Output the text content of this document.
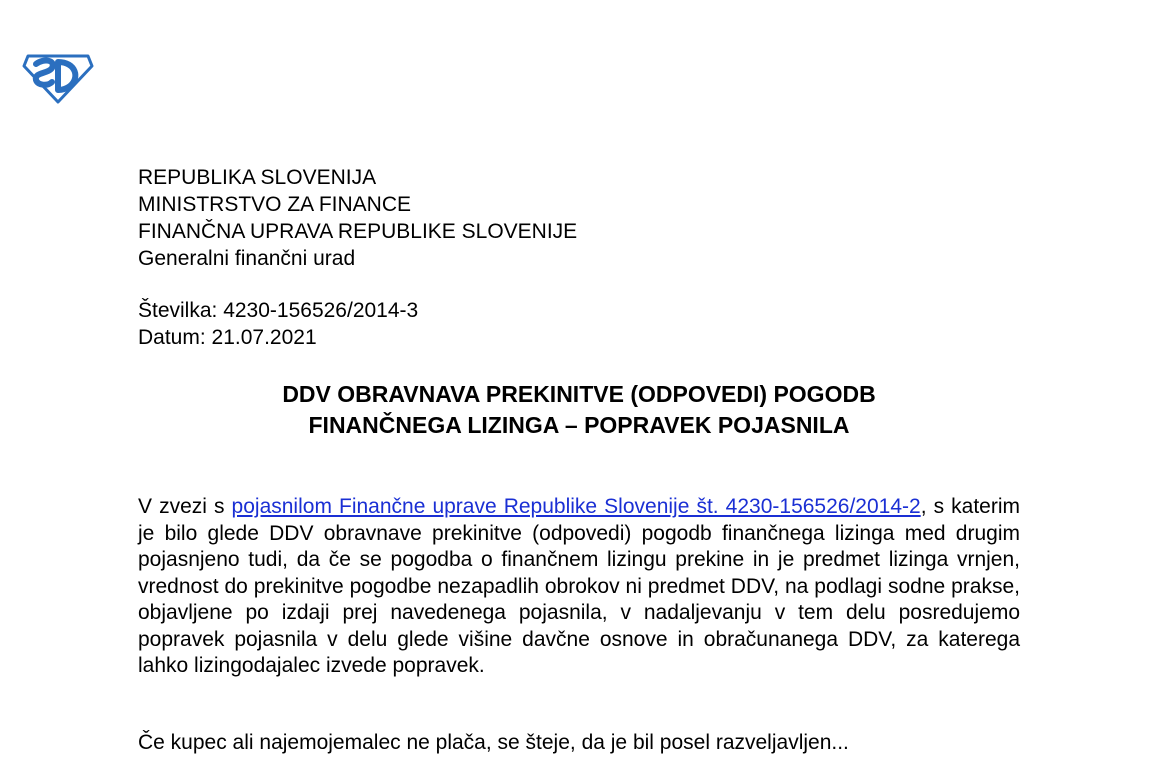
REPUBLIKA SLOVENIJA
MINISTRSTVO ZA FINANCE
FINANČNA UPRAVA REPUBLIKE SLOVENIJE
Generalni finančni urad
Številka: 4230-156526/2014-3
Datum: 21.07.2021
DDV OBRAVNAVA PREKINITVE (ODPOVEDI) POGODB
FINANČNEGA LIZINGA – POPRAVEK POJASNILA

V zvezi s pojasnilom Finančne uprave Republike Slovenije št. 4230-156526/2014-2, s katerim je bilo glede DDV obravnave prekinitve (odpovedi) pogodb finančnega lizinga med drugim pojasnjeno tudi, da če se pogodba o finančnem lizingu prekine in je predmet lizinga vrnjen, vrednost do prekinitve pogodbe nezapadlih obrokov ni predmet DDV, na podlagi sodne prakse, objavljene po izdaji prej navedenega pojasnila, v nadaljevanju v tem delu posredujemo popravek pojasnila v delu glede višine davčne osnove in obračunanega DDV, za katerega lahko lizingodajalec izvede popravek.

Če kupec ali najemojemalec ne plača, se šteje, da je bil posel razveljavljen...
